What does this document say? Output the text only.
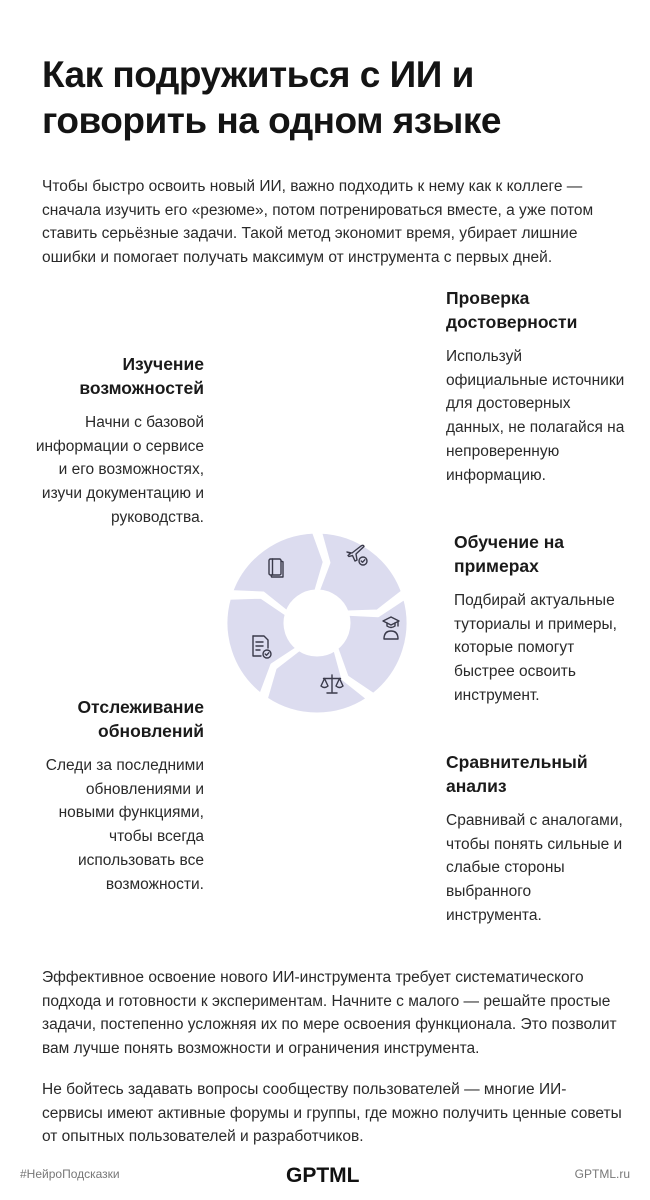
Как подружиться с ИИ и говорить на одном языке

Чтобы быстро освоить новый ИИ, важно подходить к нему как к коллеге — сначала изучить его «резюме», потом потренироваться вместе, а уже потом ставить серьёзные задачи. Такой метод экономит время, убирает лишние ошибки и помогает получать максимум от инструмента с первых дней.

Изучение возможностей

Начни с базовой информации о сервисе и его возможностях, изучи документацию и руководства.

Проверка достоверности

Используй официальные источники для достоверных данных, не полагайся на непроверенную информацию.

Обучение на примерах

Подбирай актуальные туториалы и примеры, которые помогут быстрее освоить инструмент.

Отслеживание обновлений

Следи за последними обновлениями и новыми функциями, чтобы всегда использовать все возможности.

Сравнительный анализ

Сравнивай с аналогами, чтобы понять сильные и слабые стороны выбранного инструмента.

Эффективное освоение нового ИИ-инструмента требует систематического подхода и готовности к экспериментам. Начните с малого — решайте простые задачи, постепенно усложняя их по мере освоения функционала. Это позволит вам лучше понять возможности и ограничения инструмента.

Не бойтесь задавать вопросы сообществу пользователей — многие ИИ-сервисы имеют активные форумы и группы, где можно получить ценные советы от опытных пользователей и разработчиков.

#НейроПодсказки	GPTML	GPTML.ru
